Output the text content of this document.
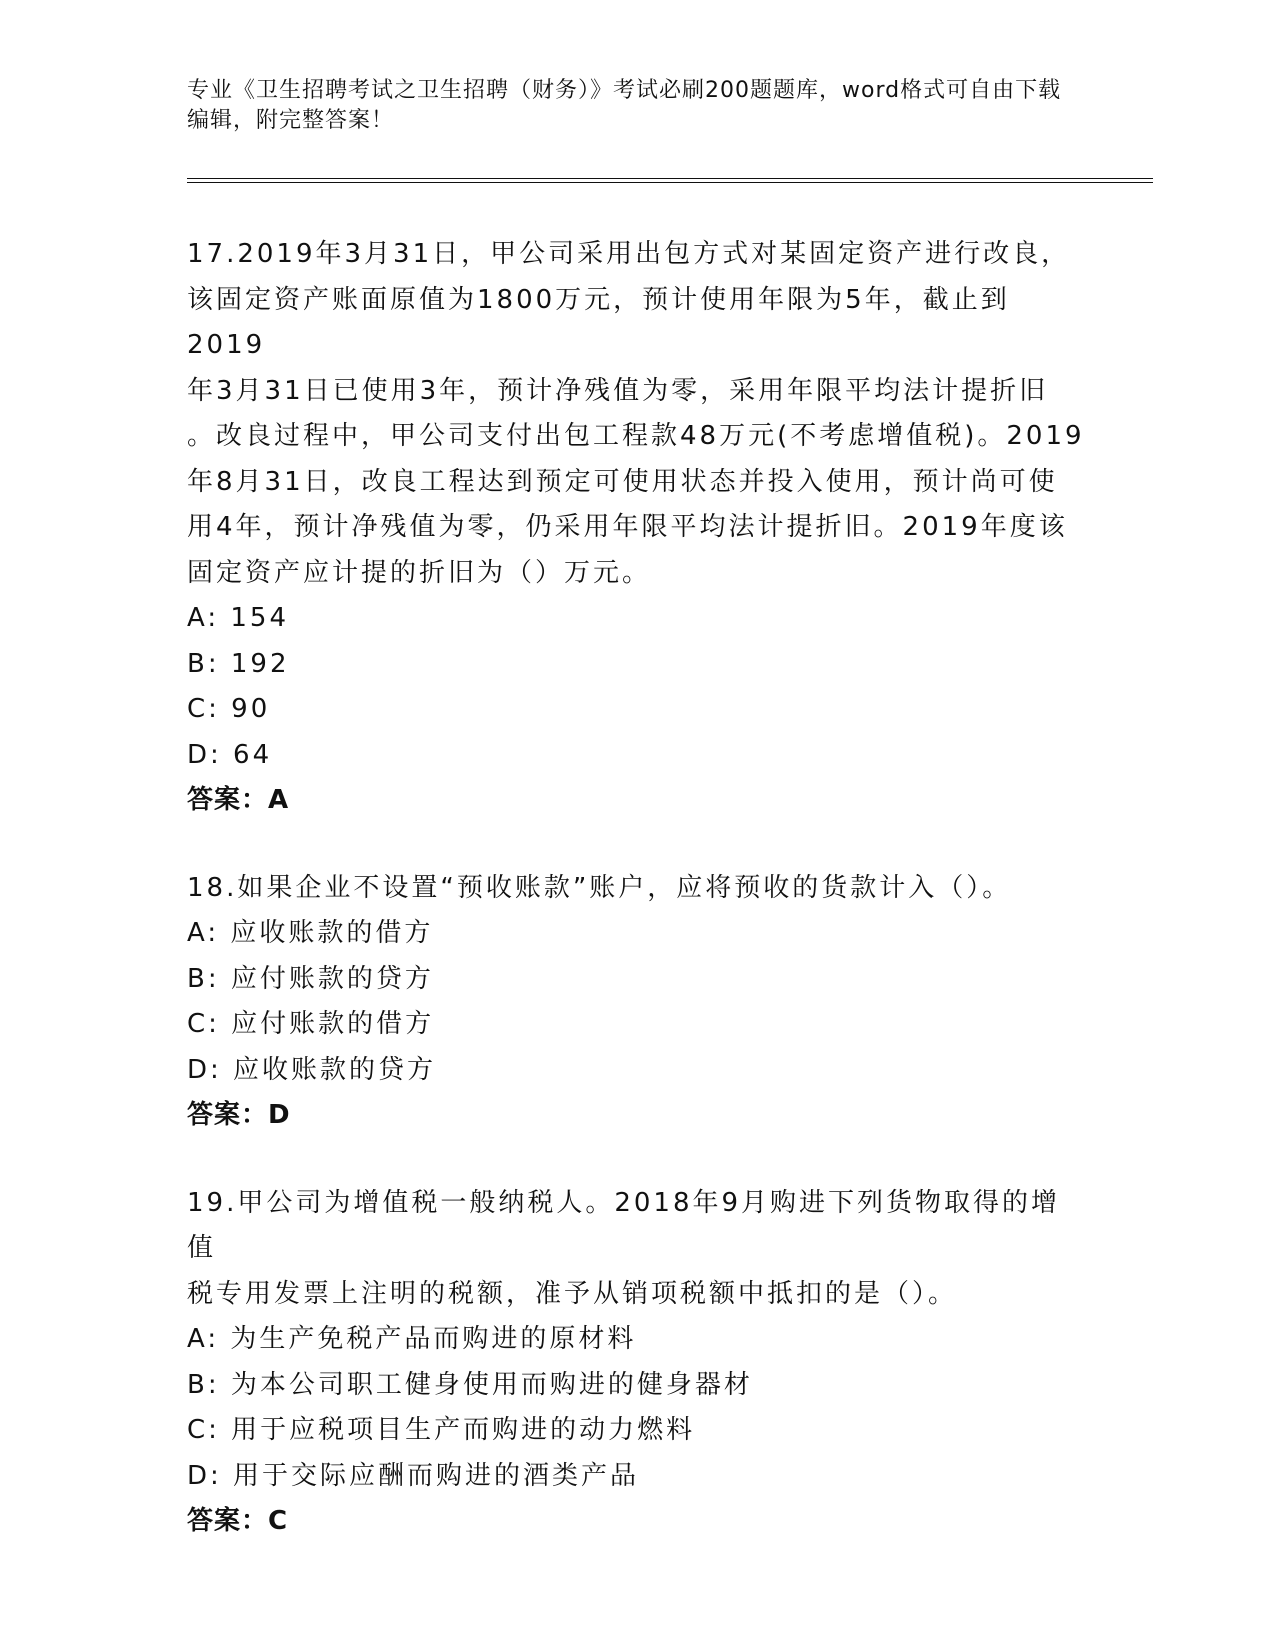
专业《卫生招聘考试之卫生招聘（财务）》考试必刷200题题库，word格式可自由下载编辑，附完整答案！

17.2019年3月31日，甲公司采用出包方式对某固定资产进行改良，
该固定资产账面原值为1800万元，预计使用年限为5年，截止到2019
年3月31日已使用3年，预计净残值为零，采用年限平均法计提折旧
。改良过程中，甲公司支付出包工程款48万元(不考虑增值税)。2019
年8月31日，改良工程达到预定可使用状态并投入使用，预计尚可使
用4年，预计净残值为零，仍采用年限平均法计提折旧。2019年度该
固定资产应计提的折旧为（）万元。

A: 154

B: 192

C: 90

D: 64

答案：A

18.如果企业不设置“预收账款”账户，应将预收的货款计入（）。

A: 应收账款的借方

B: 应付账款的贷方

C: 应付账款的借方

D: 应收账款的贷方

答案：D

19.甲公司为增值税一般纳税人。2018年9月购进下列货物取得的增值
税专用发票上注明的税额，准予从销项税额中抵扣的是（）。

A: 为生产免税产品而购进的原材料

B: 为本公司职工健身使用而购进的健身器材

C: 用于应税项目生产而购进的动力燃料

D: 用于交际应酬而购进的酒类产品

答案：C
